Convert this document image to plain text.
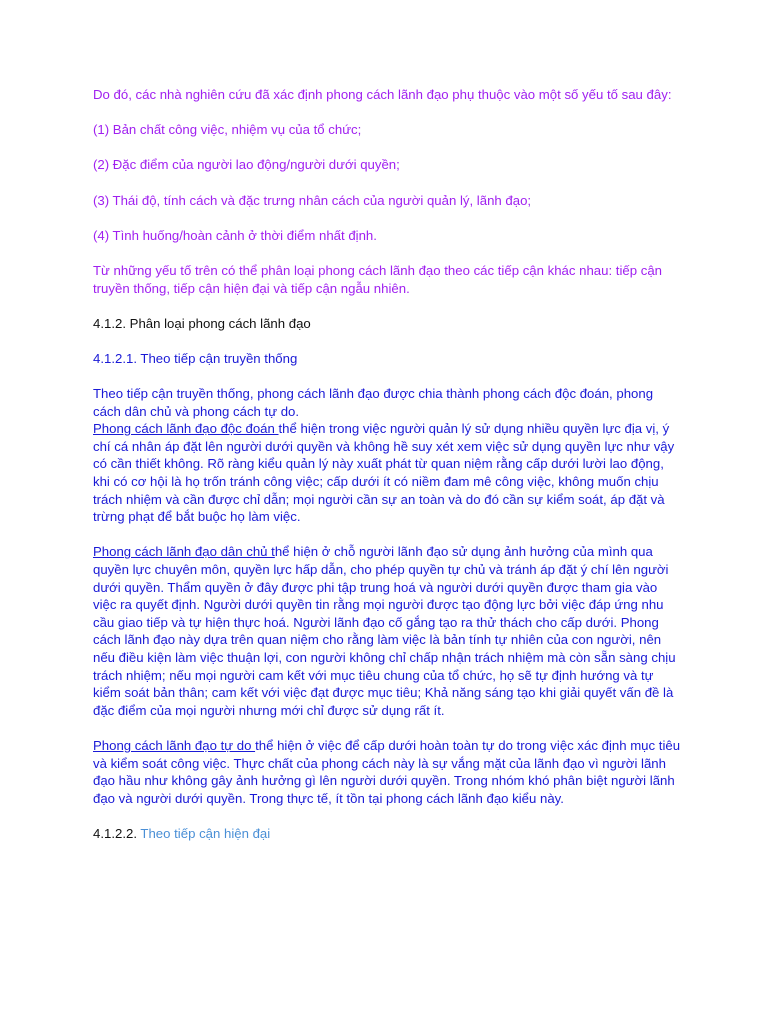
Do đó, các nhà nghiên cứu đã xác định phong cách lãnh đạo phụ thuộc vào một số yếu tố sau đây:

(1) Bản chất công việc, nhiệm vụ của tổ chức;

(2) Đặc điểm của người lao động/người dưới quyền;

(3) Thái độ, tính cách và đặc trưng nhân cách của người quản lý, lãnh đạo;

(4) Tình huống/hoàn cảnh ở thời điểm nhất định.

Từ những yếu tố trên có thể phân loại phong cách lãnh đạo theo các tiếp cận khác nhau: tiếp cận truyền thống, tiếp cận hiện đại và tiếp cận ngẫu nhiên.

4.1.2. Phân loại phong cách lãnh đạo

4.1.2.1. Theo tiếp cận truyền thống

Theo tiếp cận truyền thống, phong cách lãnh đạo được chia thành phong cách độc đoán, phong cách dân chủ và phong cách tự do.

Phong cách lãnh đạo độc đoán thể hiện trong việc người quản lý sử dụng nhiều quyền lực địa vị, ý chí cá nhân áp đặt lên người dưới quyền và không hề suy xét xem việc sử dụng quyền lực như vậy có cần thiết không. Rõ ràng kiểu quản lý này xuất phát từ quan niệm rằng cấp dưới lười lao động, khi có cơ hội là họ trốn tránh công việc; cấp dưới ít có niềm đam mê công việc, không muốn chịu trách nhiệm và cần được chỉ dẫn; mọi người cần sự an toàn và do đó cần sự kiểm soát, áp đặt và trừng phạt để bắt buộc họ làm việc.

Phong cách lãnh đạo dân chủ thể hiện ở chỗ người lãnh đạo sử dụng ảnh hưởng của mình qua quyền lực chuyên môn, quyền lực hấp dẫn, cho phép quyền tự chủ và tránh áp đặt ý chí lên người dưới quyền. Thẩm quyền ở đây được phi tập trung hoá và người dưới quyền được tham gia vào việc ra quyết định. Người dưới quyền tin rằng mọi người được tạo động lực bởi việc đáp ứng nhu cầu giao tiếp và tự hiện thực hoá. Người lãnh đạo cố gắng tạo ra thử thách cho cấp dưới. Phong cách lãnh đạo này dựa trên quan niệm cho rằng làm việc là bản tính tự nhiên của con người, nên nếu điều kiện làm việc thuận lợi, con người không chỉ chấp nhận trách nhiệm mà còn sẵn sàng chịu trách nhiệm; nếu mọi người cam kết với mục tiêu chung của tổ chức, họ sẽ tự định hướng và tự kiểm soát bản thân; cam kết với việc đạt được mục tiêu; Khả năng sáng tạo khi giải quyết vấn đề là đặc điểm của mọi người nhưng mới chỉ được sử dụng rất ít.

Phong cách lãnh đạo tự do thể hiện ở việc để cấp dưới hoàn toàn tự do trong việc xác định mục tiêu và kiểm soát công việc. Thực chất của phong cách này là sự vắng mặt của lãnh đạo vì người lãnh đạo hầu như không gây ảnh hưởng gì lên người dưới quyền. Trong nhóm khó phân biệt người lãnh đạo và người dưới quyền. Trong thực tế, ít tồn tại phong cách lãnh đạo kiểu này.

4.1.2.2. Theo tiếp cận hiện đại
